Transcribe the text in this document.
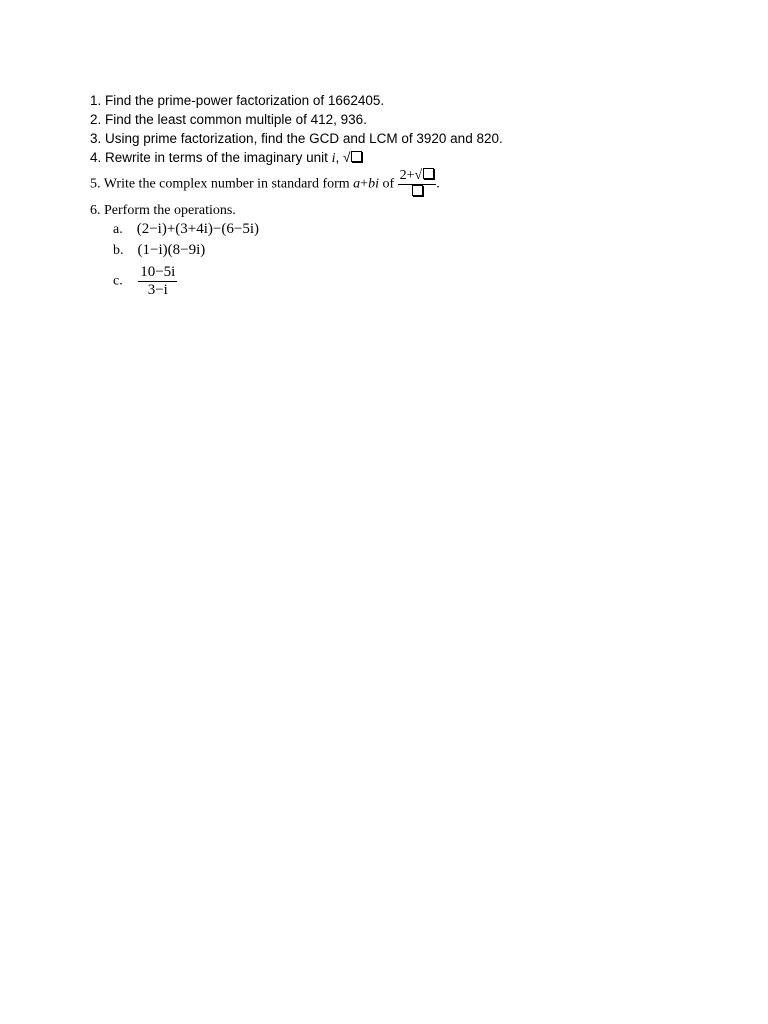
1. Find the prime-power factorization of 1662405.
2. Find the least common multiple of 412, 936.
3. Using prime factorization, find the GCD and LCM of 3920 and 820.
4. Rewrite in terms of the imaginary unit i, √
5. Write the complex number in standard form a+bi of
2+√
.
6. Perform the operations.
a. (2−i)+(3+4i)−(6−5i)
b. (1−i)(8−9i)
c. $\frac{10-5i}{3-i}$
